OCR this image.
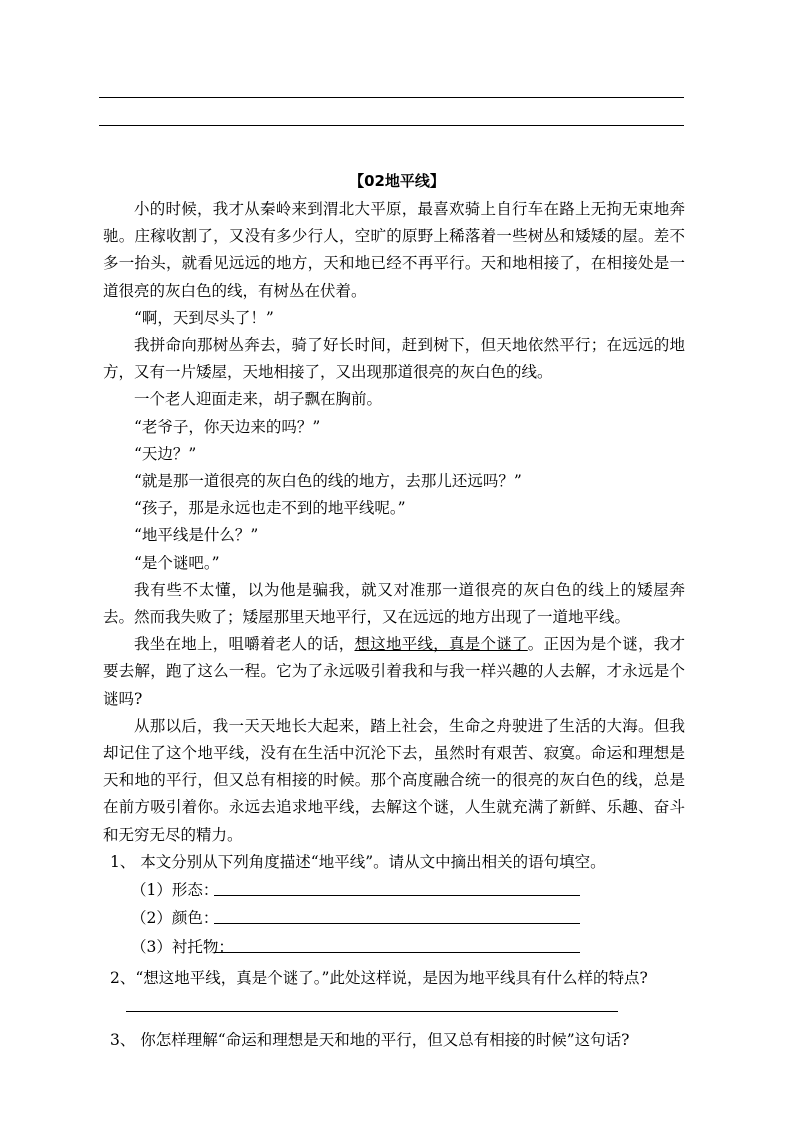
【02地平线】

小的时候，我才从秦岭来到渭北大平原，最喜欢骑上自行车在路上无拘无束地奔驰。庄稼收割了，又没有多少行人，空旷的原野上稀落着一些树丛和矮矮的屋。差不多一抬头，就看见远远的地方，天和地已经不再平行。天和地相接了，在相接处是一道很亮的灰白色的线，有树丛在伏着。

“啊，天到尽头了！”

我拼命向那树丛奔去，骑了好长时间，赶到树下，但天地依然平行；在远远的地方，又有一片矮屋，天地相接了，又出现那道很亮的灰白色的线。

一个老人迎面走来，胡子飘在胸前。

“老爷子，你天边来的吗？”

“天边？”

“就是那一道很亮的灰白色的线的地方，去那儿还远吗？”

“孩子，那是永远也走不到的地平线呢。”

“地平线是什么？”

“是个谜吧。”

我有些不太懂，以为他是骗我，就又对准那一道很亮的灰白色的线上的矮屋奔去。然而我失败了；矮屋那里天地平行，又在远远的地方出现了一道地平线。

我坐在地上，咀嚼着老人的话，想这地平线，真是个谜了。正因为是个谜，我才要去解，跑了这么一程。它为了永远吸引着我和与我一样兴趣的人去解，才永远是个谜吗?

从那以后，我一天天地长大起来，踏上社会，生命之舟驶进了生活的大海。但我却记住了这个地平线，没有在生活中沉沦下去，虽然时有艰苦、寂寞。命运和理想是天和地的平行，但又总有相接的时候。那个高度融合统一的很亮的灰白色的线，总是在前方吸引着你。永远去追求地平线，去解这个谜，人生就充满了新鲜、乐趣、奋斗和无穷无尽的精力。

1、 本文分别从下列角度描述“地平线”。请从文中摘出相关的语句填空。
（1）形态：
（2）颜色：
（3）衬托物：
2、“想这地平线，真是个谜了。”此处这样说，是因为地平线具有什么样的特点?
3、 你怎样理解“命运和理想是天和地的平行，但又总有相接的时候”这句话?
